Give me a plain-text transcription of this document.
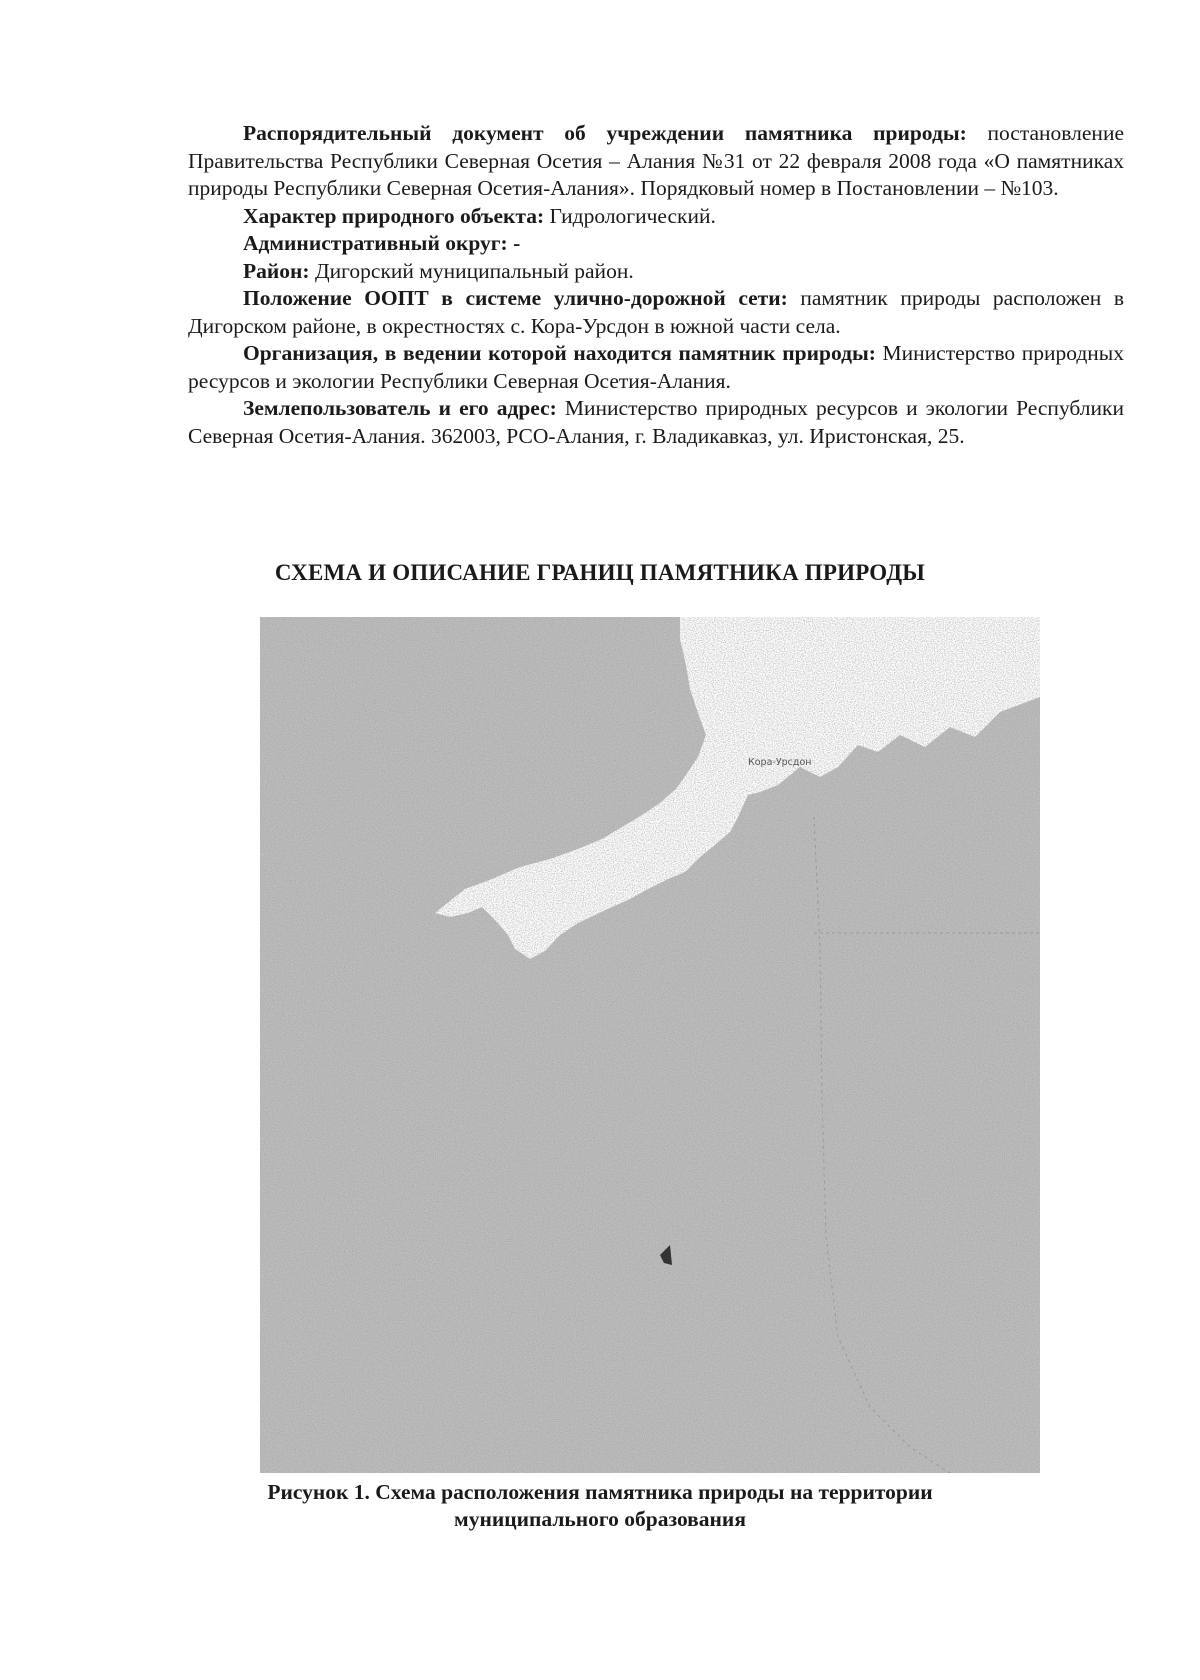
Распорядительный документ об учреждении памятника природы: постановление Правительства Республики Северная Осетия – Алания №31 от 22 февраля 2008 года «О памятниках природы Республики Северная Осетия-Алания». Порядковый номер в Постановлении – №103.

Характер природного объекта: Гидрологический.

Административный округ: -

Район: Дигорский муниципальный район.

Положение ООПТ в системе улично-дорожной сети: памятник природы расположен в Дигорском районе, в окрестностях с. Кора-Урсдон в южной части села.

Организация, в ведении которой находится памятник природы: Министерство природных ресурсов и экологии Республики Северная Осетия-Алания.

Землепользователь и его адрес: Министерство природных ресурсов и экологии Республики Северная Осетия-Алания. 362003, РСО-Алания, г. Владикавказ, ул. Иристонская, 25.

СХЕМА И ОПИСАНИЕ ГРАНИЦ ПАМЯТНИКА ПРИРОДЫ
Кора-Урсдон
Рисунок 1. Схема расположения памятника природы на территории
муниципального образования
